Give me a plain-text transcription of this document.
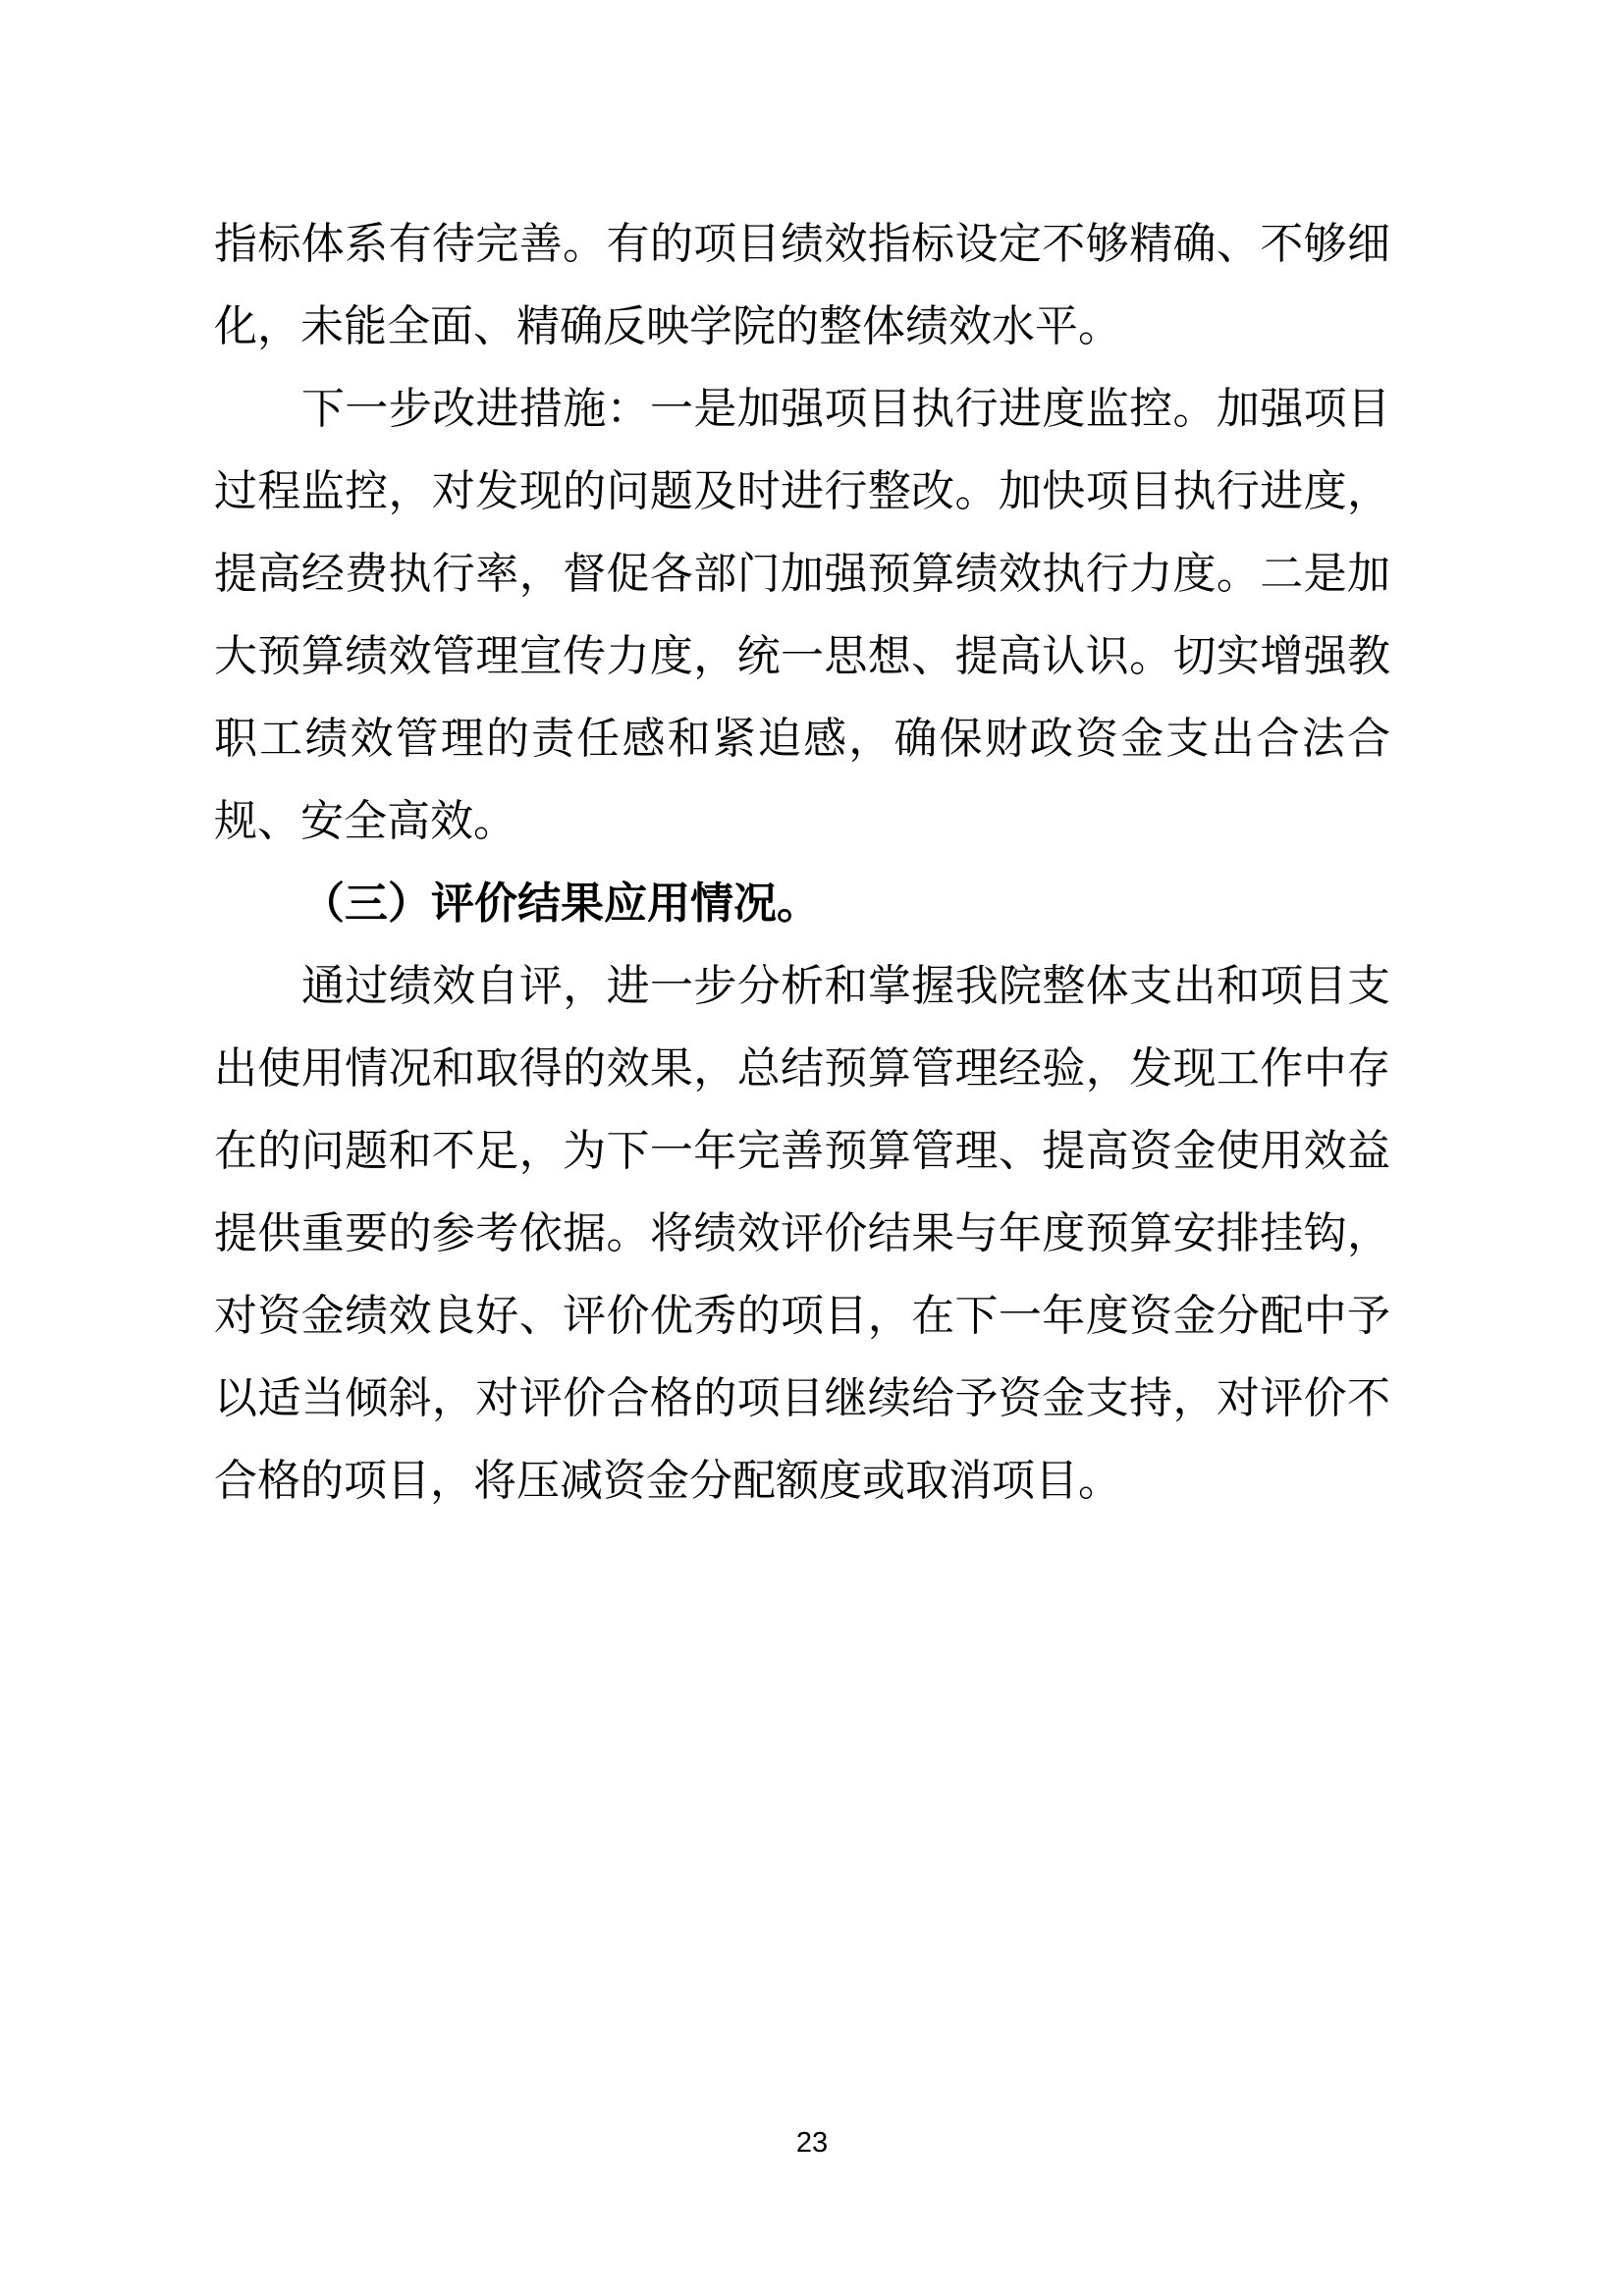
指标体系有待完善。有的项目绩效指标设定不够精确、不够细
化，未能全面、精确反映学院的整体绩效水平。
下一步改进措施：一是加强项目执行进度监控。加强项目
过程监控，对发现的问题及时进行整改。加快项目执行进度，
提高经费执行率，督促各部门加强预算绩效执行力度。二是加
大预算绩效管理宣传力度，统一思想、提高认识。切实增强教
职工绩效管理的责任感和紧迫感，确保财政资金支出合法合
规、安全高效。
（三）评价结果应用情况。
通过绩效自评，进一步分析和掌握我院整体支出和项目支
出使用情况和取得的效果，总结预算管理经验，发现工作中存
在的问题和不足，为下一年完善预算管理、提高资金使用效益
提供重要的参考依据。将绩效评价结果与年度预算安排挂钩，
对资金绩效良好、评价优秀的项目，在下一年度资金分配中予
以适当倾斜，对评价合格的项目继续给予资金支持，对评价不
合格的项目，将压减资金分配额度或取消项目。
23
